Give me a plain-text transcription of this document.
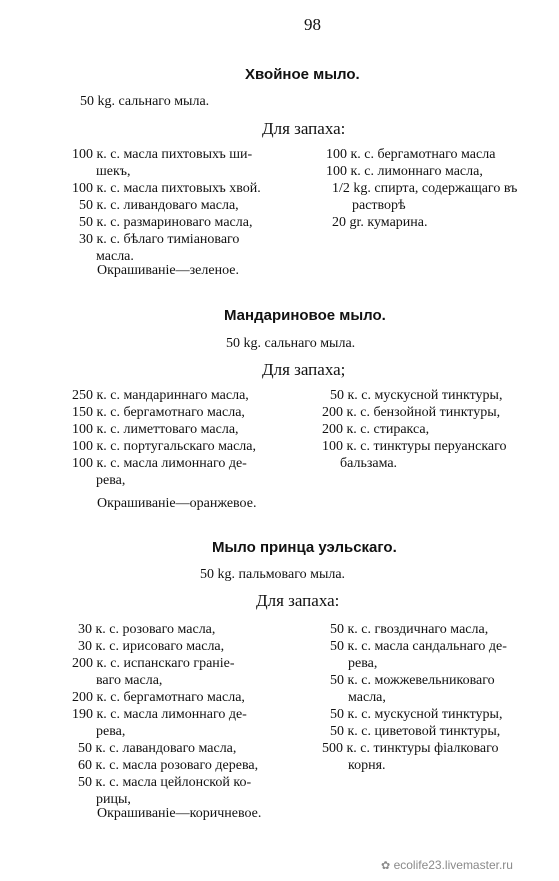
98
Хвойное мыло.
50 kg. сальнаго мыла.
Для запаха:
100 к. с. масла пихтовыхъ ши-
шекъ,
100 к. с. масла пихтовыхъ хвой.
50 к. с. ливандоваго масла,
50 к. с. размариноваго масла,
30 к. с. бѣлаго тиміановаго
масла.
100 к. с. бергамотнаго масла
100 к. с. лимоннаго масла,
1/2 kg. спирта, содержащаго въ
растворѣ
20 gr. кумарина.
Окрашиваніе—зеленое.
Мандариновое мыло.
50 kg. сальнаго мыла.
Для запаха;
250 к. с. мандариннаго масла,
150 к. с. бергамотнаго масла,
100 к. с. лиметтоваго масла,
100 к. с. португальскаго масла,
100 к. с. масла лимоннаго де-
рева,
50 к. с. мускусной тинктуры,
200 к. с. бензойной тинктуры,
200 к. с. стиракса,
100 к. с. тинктуры перуанскаго
бальзама.
Окрашиваніе—оранжевое.
Мыло принца уэльскаго.
50 kg. пальмоваго мыла.
Для запаха:
30 к. с. розоваго масла,
30 к. с. ирисоваго масла,
200 к. с. испанскаго граніе-
ваго масла,
200 к. с. бергамотнаго масла,
190 к. с. масла лимоннаго де-
рева,
50 к. с. лавандоваго масла,
60 к. с. масла розоваго дерева,
50 к. с. масла цейлонской ко-
рицы,
50 к. с. гвоздичнаго масла,
50 к. с. масла сандальнаго де-
рева,
50 к. с. можжевельниковаго
масла,
50 к. с. мускусной тинктуры,
50 к. с. циветовой тинктуры,
500 к. с. тинктуры фіалковаго
корня.
Окрашиваніе—коричневое.
✿ ecolife23.livemaster.ru
